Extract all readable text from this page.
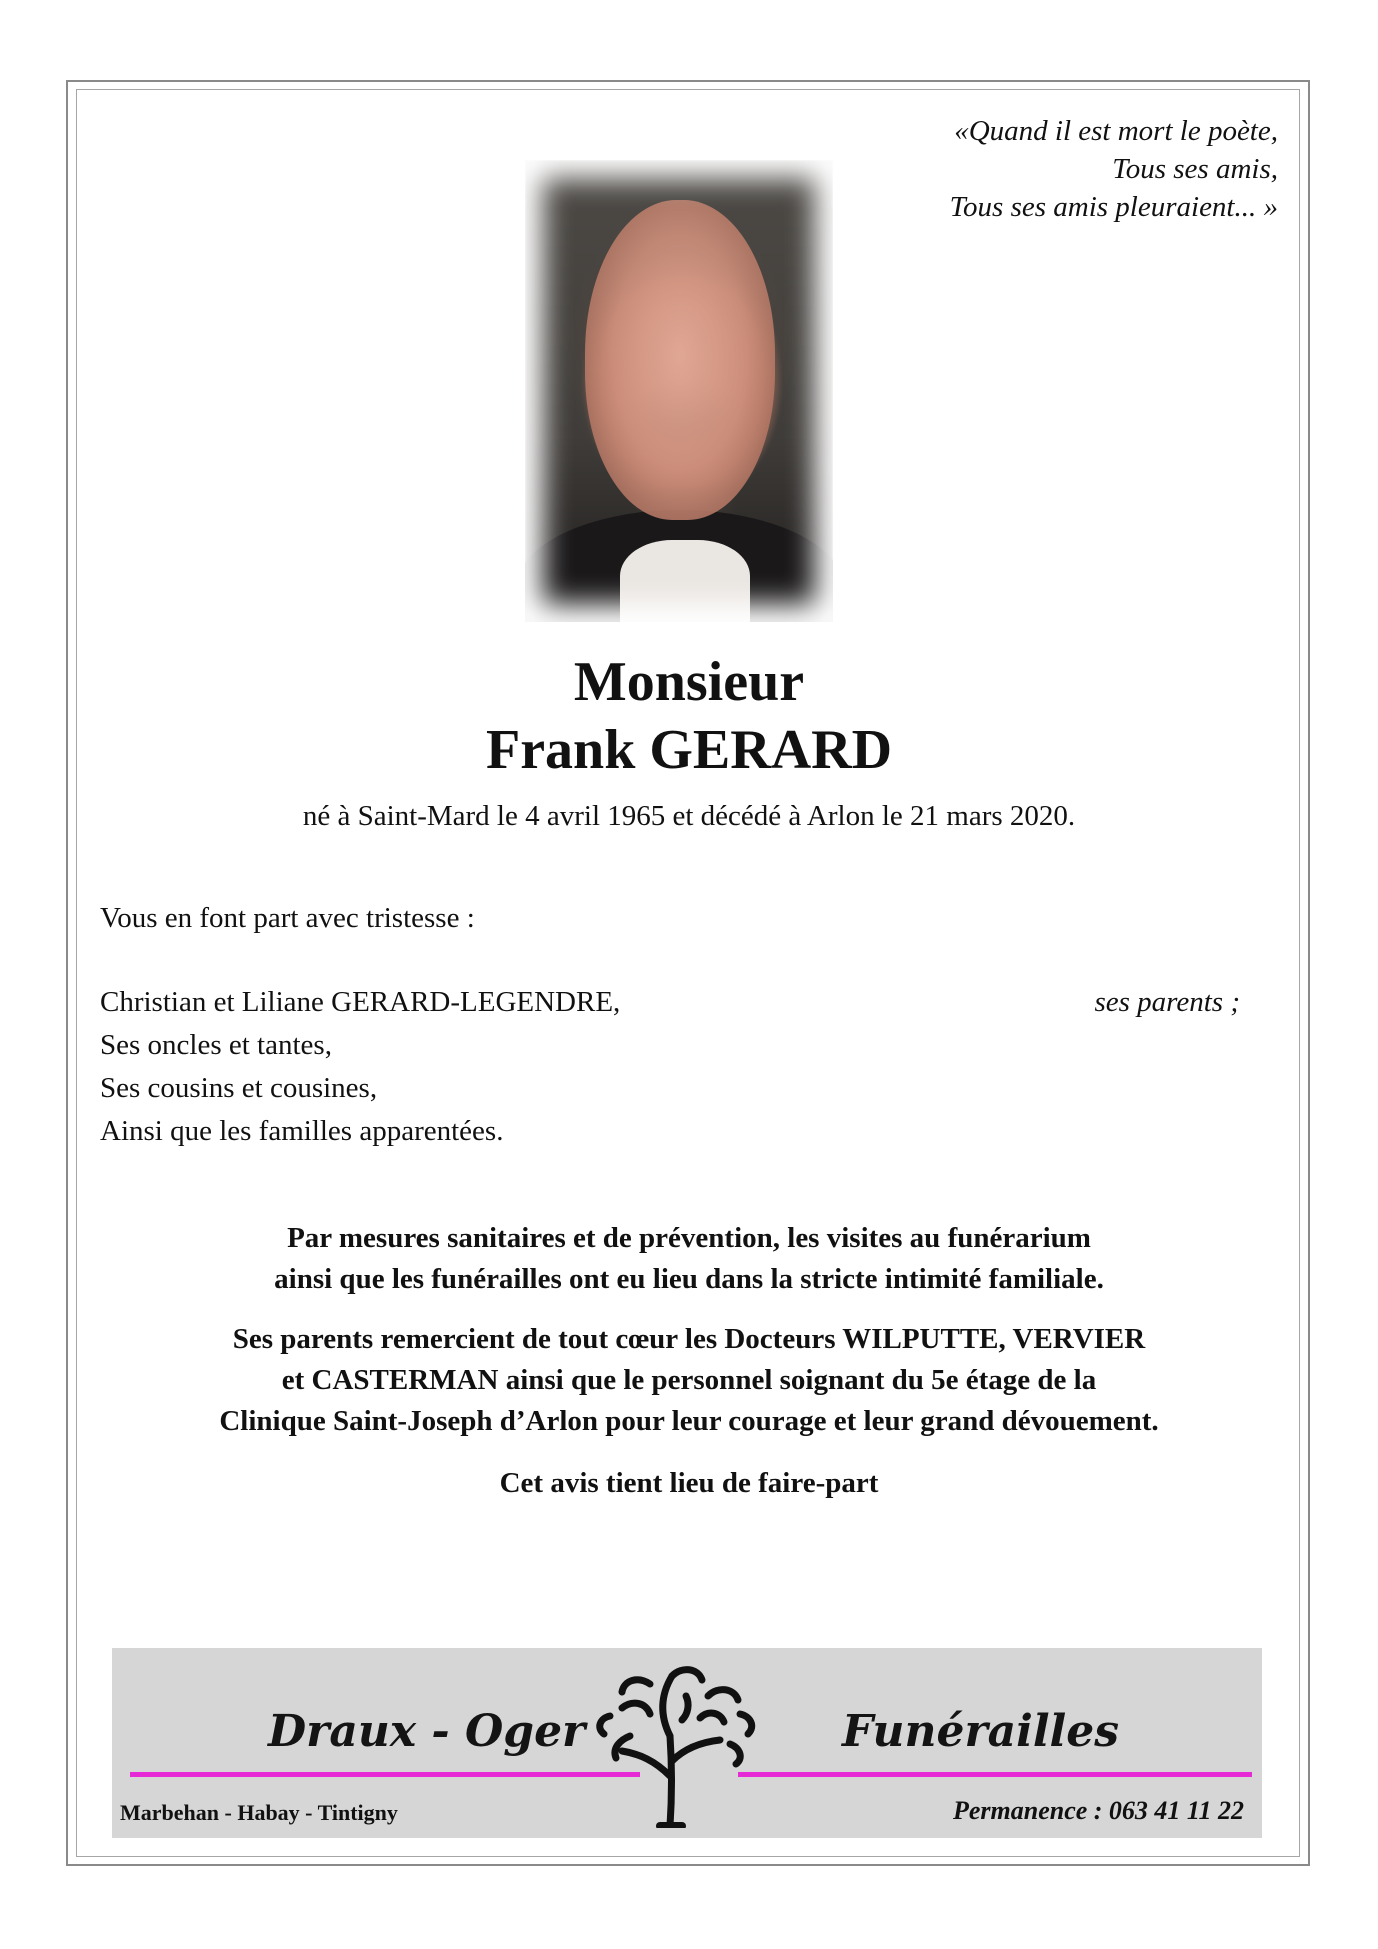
«Quand il est mort le poète,
Tous ses amis,
Tous ses amis pleuraient... »
Monsieur
Frank GERARD
né à Saint-Mard le 4 avril 1965 et décédé à Arlon le 21 mars 2020.
Vous en font part avec tristesse :
Christian et Liliane GERARD-LEGENDRE,	ses parents ;
Ses oncles et tantes,
Ses cousins et cousines,
Ainsi que les familles apparentées.
Par mesures sanitaires et de prévention, les visites au funérarium
ainsi que les funérailles ont eu lieu dans la stricte intimité familiale.
Ses parents remercient de tout cœur les Docteurs WILPUTTE, VERVIER
et CASTERMAN ainsi que le personnel soignant du 5e étage de la
Clinique Saint-Joseph d’Arlon pour leur courage et leur grand dévouement.
Cet avis tient lieu de faire-part
Draux - Oger	Funérailles
Marbehan - Habay - Tintigny	Permanence : 063 41 11 22
